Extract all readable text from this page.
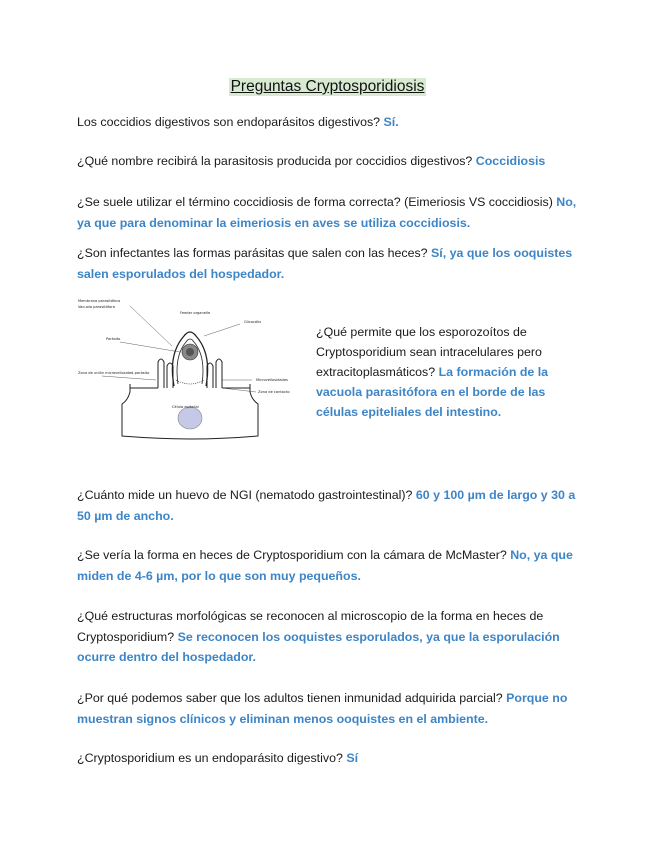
Preguntas Cryptosporidiosis
Los coccidios digestivos son endoparásitos digestivos? Sí.
¿Qué nombre recibirá la parasitosis producida por coccidios digestivos? Coccidiosis
¿Se suele utilizar el término coccidiosis de forma correcta? (Eimeriosis VS coccidiosis) No, ya que para denominar la eimeriosis en aves se utiliza coccidiosis.
¿Son infectantes las formas parásitas que salen con las heces? Sí, ya que los ooquistes salen esporulados del hospedador.
Membrana parasitófora
Vacuola parasitófora
Parásito
Feeder organelle
Zona de unión microvellosidad-parásito
Glicocálix
Microvellosidades
Zona de contacto
Célula epitelial
¿Qué permite que los esporozoítos de Cryptosporidium sean intracelulares pero extracitoplasmáticos? La formación de la vacuola parasitófora en el borde de las células epiteliales del intestino.
¿Cuánto mide un huevo de NGI (nematodo gastrointestinal)? 60 y 100 µm de largo y 30 a 50 µm de ancho.
¿Se vería la forma en heces de Cryptosporidium con la cámara de McMaster? No, ya que miden de 4-6 µm, por lo que son muy pequeños.
¿Qué estructuras morfológicas se reconocen al microscopio de la forma en heces de Cryptosporidium? Se reconocen los ooquistes esporulados, ya que la esporulación ocurre dentro del hospedador.
¿Por qué podemos saber que los adultos tienen inmunidad adquirida parcial? Porque no muestran signos clínicos y eliminan menos ooquistes en el ambiente.
¿Cryptosporidium es un endoparásito digestivo? Sí
